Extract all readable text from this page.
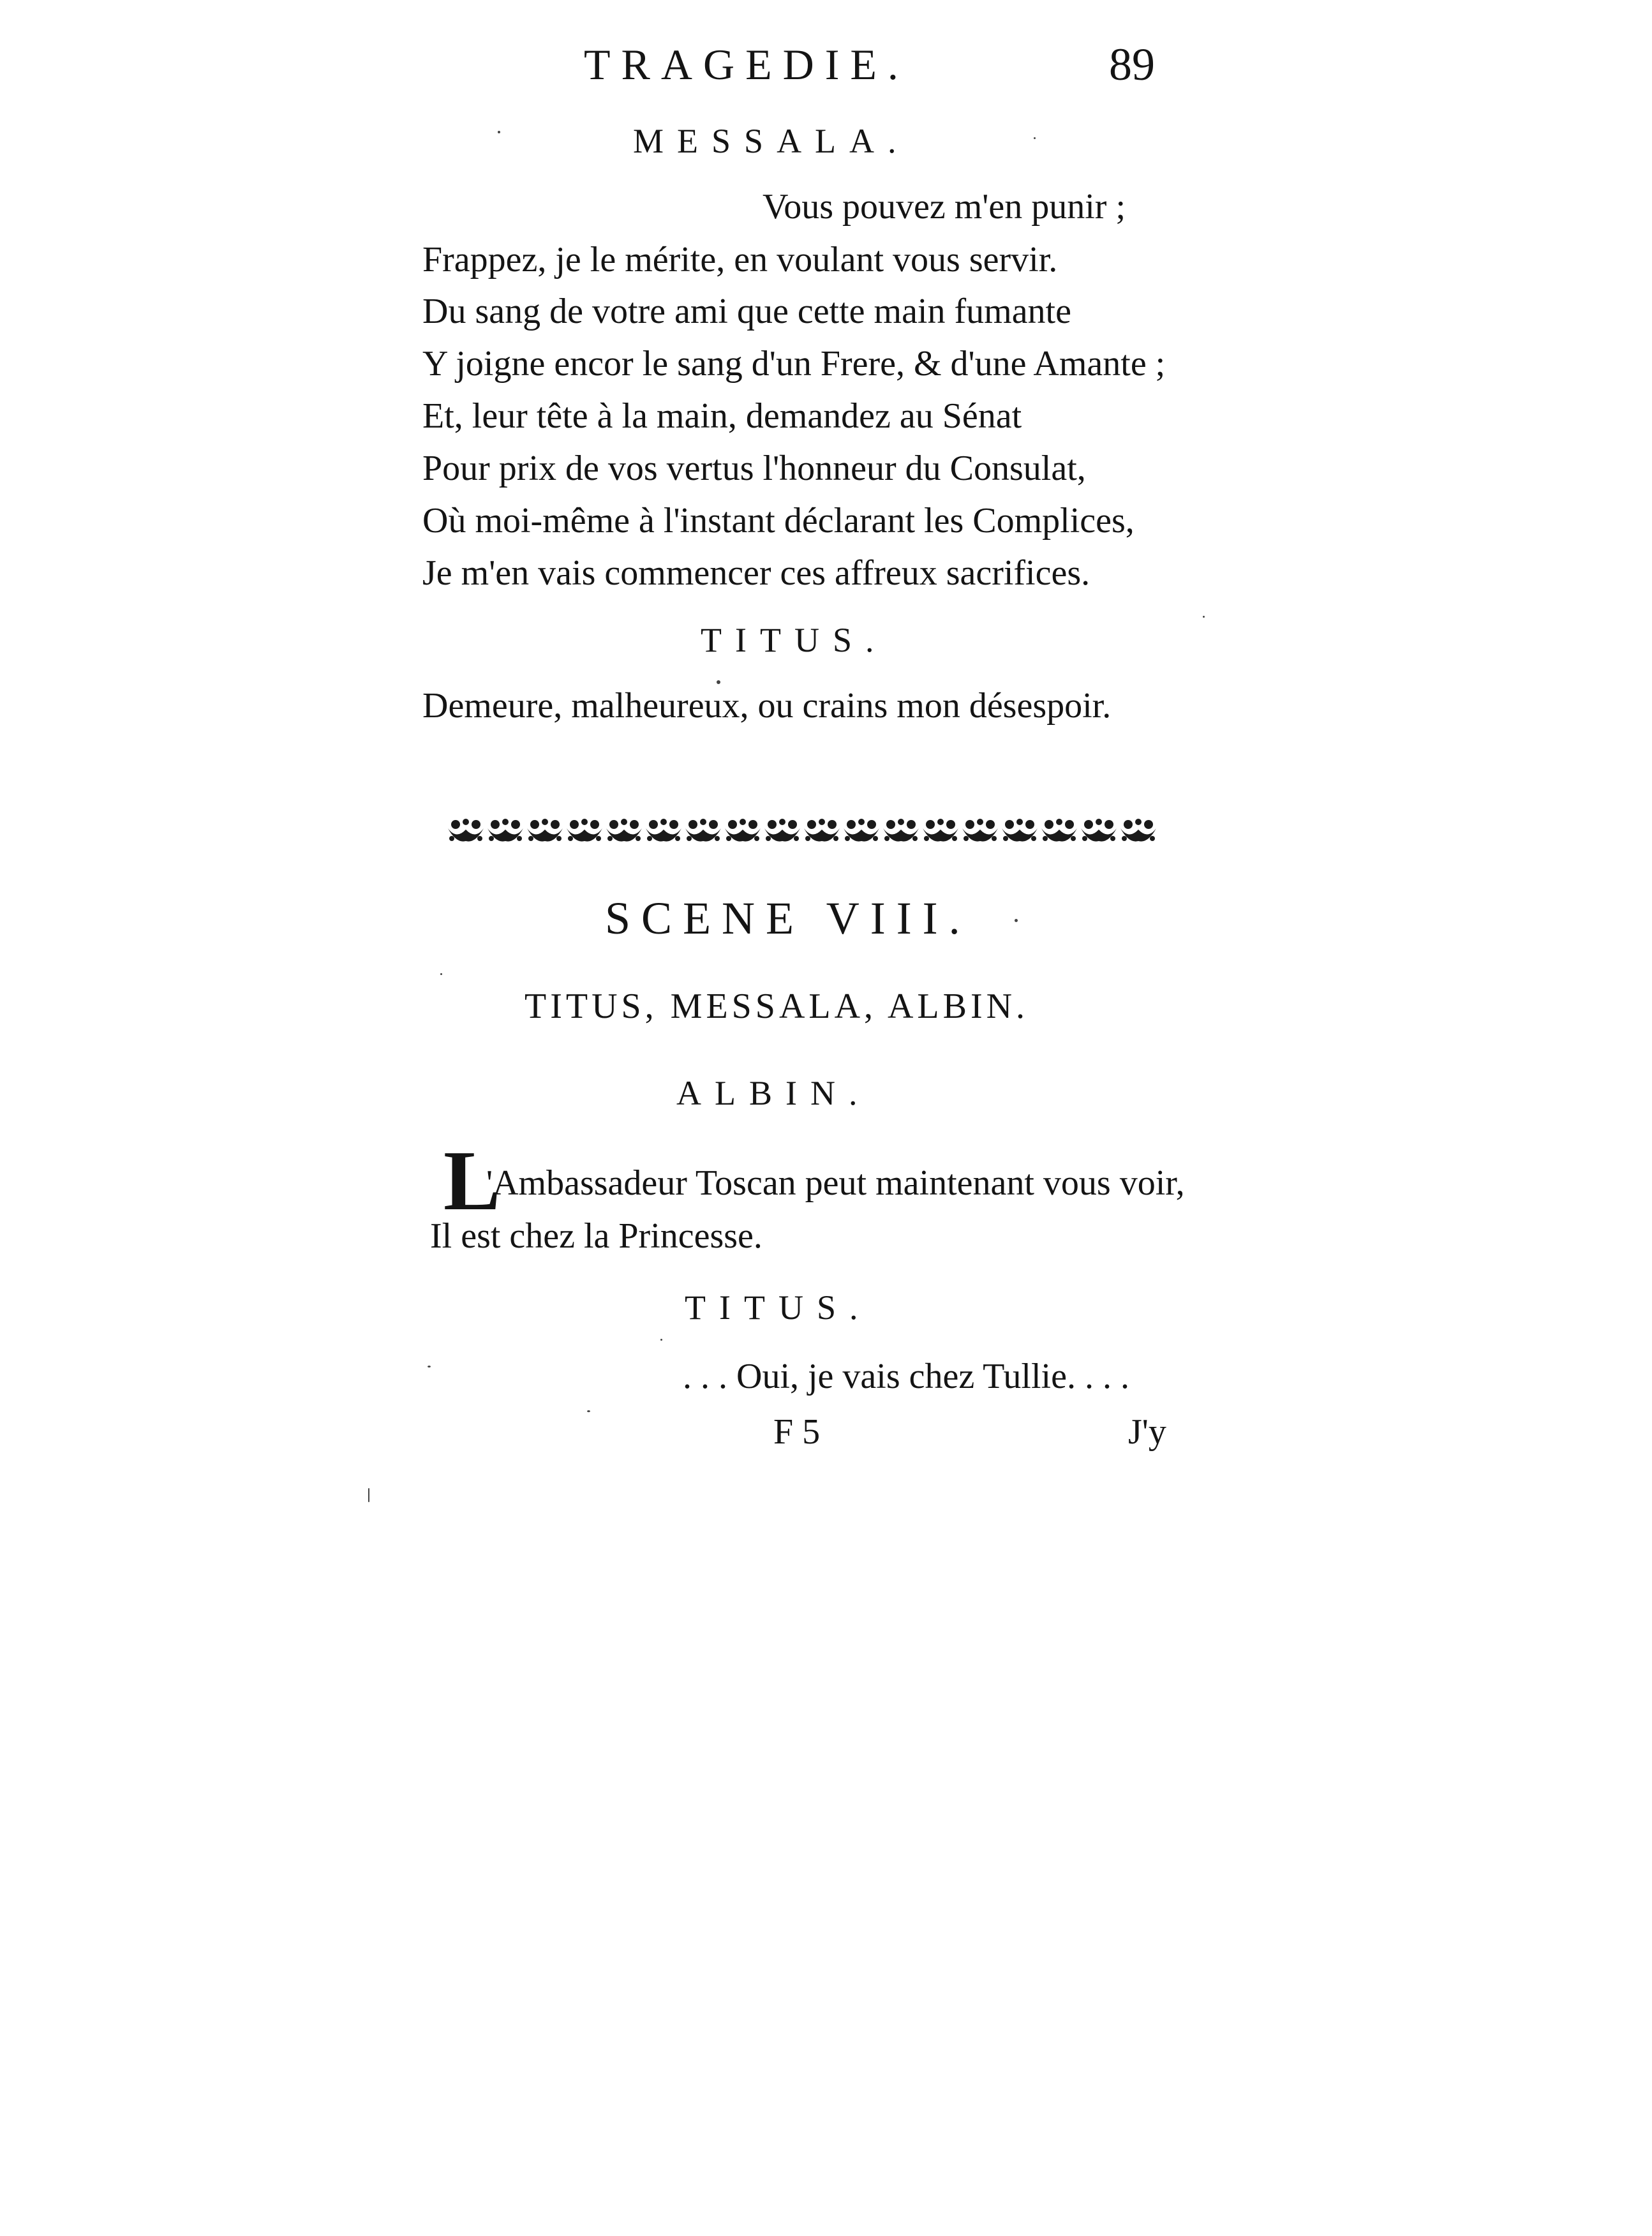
TRAGEDIE.	89
MESSALA.
Vous pouvez m'en punir ;
Frappez, je le mérite, en voulant vous servir.
Du sang de votre ami que cette main fumante
Y joigne encor le sang d'un Frere, & d'une Amante ;
Et, leur tête à la main, demandez au Sénat
Pour prix de vos vertus l'honneur du Consulat,
Où moi-même à l'instant déclarant les Complices,
Je m'en vais commencer ces affreux sacrifices.
TITUS.
Demeure, malheureux, ou crains mon désespoir.
SCENE VIII.
TITUS, MESSALA, ALBIN.
ALBIN.
L
'Ambassadeur Toscan peut maintenant vous voir,
Il est chez la Princesse.
TITUS.
. . . Oui, je vais chez Tullie. . . .
F 5	J'y
